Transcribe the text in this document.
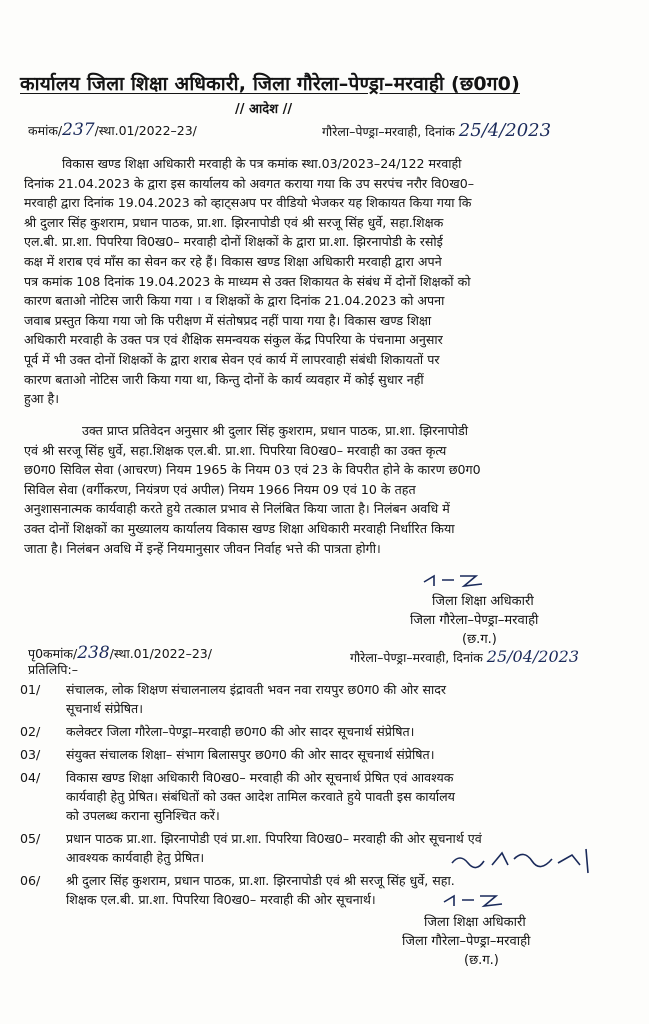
कार्यालय जिला शिक्षा अधिकारी, जिला गौरेला–पेण्ड्रा–मरवाही (छ0ग0)
// आदेश //
कमांक/237/स्था.01/2022–23/	गौरेला–पेण्ड्रा–मरवाही, दिनांक 25/4/2023
विकास खण्ड शिक्षा अधिकारी मरवाही के पत्र कमांक स्था.03/2023–24/122 मरवाही
दिनांक 21.04.2023 के द्वारा इस कार्यालय को अवगत कराया गया कि उप सरपंच नरौर वि0ख0–
मरवाही द्वारा दिनांक 19.04.2023 को व्हाट्सअप पर वीडियो भेजकर यह शिकायत किया गया कि
श्री दुलार सिंह कुशराम, प्रधान पाठक, प्रा.शा. झिरनापोडी एवं श्री सरजू सिंह धुर्वे, सहा.शिक्षक
एल.बी. प्रा.शा. पिपरिया वि0ख0– मरवाही दोनों शिक्षकों के द्वारा प्रा.शा. झिरनापोडी के रसोई
कक्ष में शराब एवं माँस का सेवन कर रहे हैं। विकास खण्ड शिक्षा अधिकारी मरवाही द्वारा अपने
पत्र कमांक 108 दिनांक 19.04.2023 के माध्यम से उक्त शिकायत के संबंध में दोनों शिक्षकों को
कारण बताओ नोटिस जारी किया गया । व शिक्षकों के द्वारा दिनांक 21.04.2023 को अपना
जवाब प्रस्तुत किया गया जो कि परीक्षण में संतोषप्रद नहीं पाया गया है। विकास खण्ड शिक्षा
अधिकारी मरवाही के उक्त पत्र एवं शैक्षिक समन्वयक संकुल केंद्र पिपरिया के पंचनामा अनुसार
पूर्व में भी उक्त दोनों शिक्षकों के द्वारा शराब सेवन एवं कार्य में लापरवाही संबंधी शिकायतों पर
कारण बताओ नोटिस जारी किया गया था, किन्तु दोनों के कार्य व्यवहार में कोई सुधार नहीं
हुआ है।
उक्त प्राप्त प्रतिवेदन अनुसार श्री दुलार सिंह कुशराम, प्रधान पाठक, प्रा.शा. झिरनापोडी
एवं श्री सरजू सिंह धुर्वे, सहा.शिक्षक एल.बी. प्रा.शा. पिपरिया वि0ख0– मरवाही का उक्त कृत्य
छ0ग0 सिविल सेवा (आचरण) नियम 1965 के नियम 03 एवं 23 के विपरीत होने के कारण छ0ग0
सिविल सेवा (वर्गीकरण, नियंत्रण एवं अपील) नियम 1966 नियम 09 एवं 10 के तहत
अनुशासनात्मक कार्यवाही करते हुये तत्काल प्रभाव से निलंबित किया जाता है। निलंबन अवधि में
उक्त दोनों शिक्षकों का मुख्यालय कार्यालय विकास खण्ड शिक्षा अधिकारी मरवाही निर्धारित किया
जाता है। निलंबन अवधि में इन्हें नियमानुसार जीवन निर्वाह भत्ते की पात्रता होगी।
जिला शिक्षा अधिकारी
जिला गौरेला–पेण्ड्रा–मरवाही
(छ.ग.)
पृ0कमांक/238/स्था.01/2022–23/	गौरेला–पेण्ड्रा–मरवाही, दिनांक 25/04/2023
प्रतिलिपि:–
01/	संचालक, लोक शिक्षण संचालनालय इंद्रावती भवन नवा रायपुर छ0ग0 की ओर सादर
सूचनार्थ संप्रेषित।
02/	कलेक्टर जिला गौरेला–पेण्ड्रा–मरवाही छ0ग0 की ओर सादर सूचनार्थ संप्रेषित।
03/	संयुक्त संचालक शिक्षा– संभाग बिलासपुर छ0ग0 की ओर सादर सूचनार्थ संप्रेषित।
04/	विकास खण्ड शिक्षा अधिकारी वि0ख0– मरवाही की ओर सूचनार्थ प्रेषित एवं आवश्यक
कार्यवाही हेतु प्रेषित। संबंधितों को उक्त आदेश तामिल करवाते हुये पावती इस कार्यालय
को उपलब्ध कराना सुनिश्चित करें।
05/	प्रधान पाठक प्रा.शा. झिरनापोडी एवं प्रा.शा. पिपरिया वि0ख0– मरवाही की ओर सूचनार्थ एवं
आवश्यक कार्यवाही हेतु प्रेषित।
06/	श्री दुलार सिंह कुशराम, प्रधान पाठक, प्रा.शा. झिरनापोडी एवं श्री सरजू सिंह धुर्वे, सहा.
शिक्षक एल.बी. प्रा.शा. पिपरिया वि0ख0– मरवाही की ओर सूचनार्थ।
जिला शिक्षा अधिकारी
जिला गौरेला–पेण्ड्रा–मरवाही
(छ.ग.)
